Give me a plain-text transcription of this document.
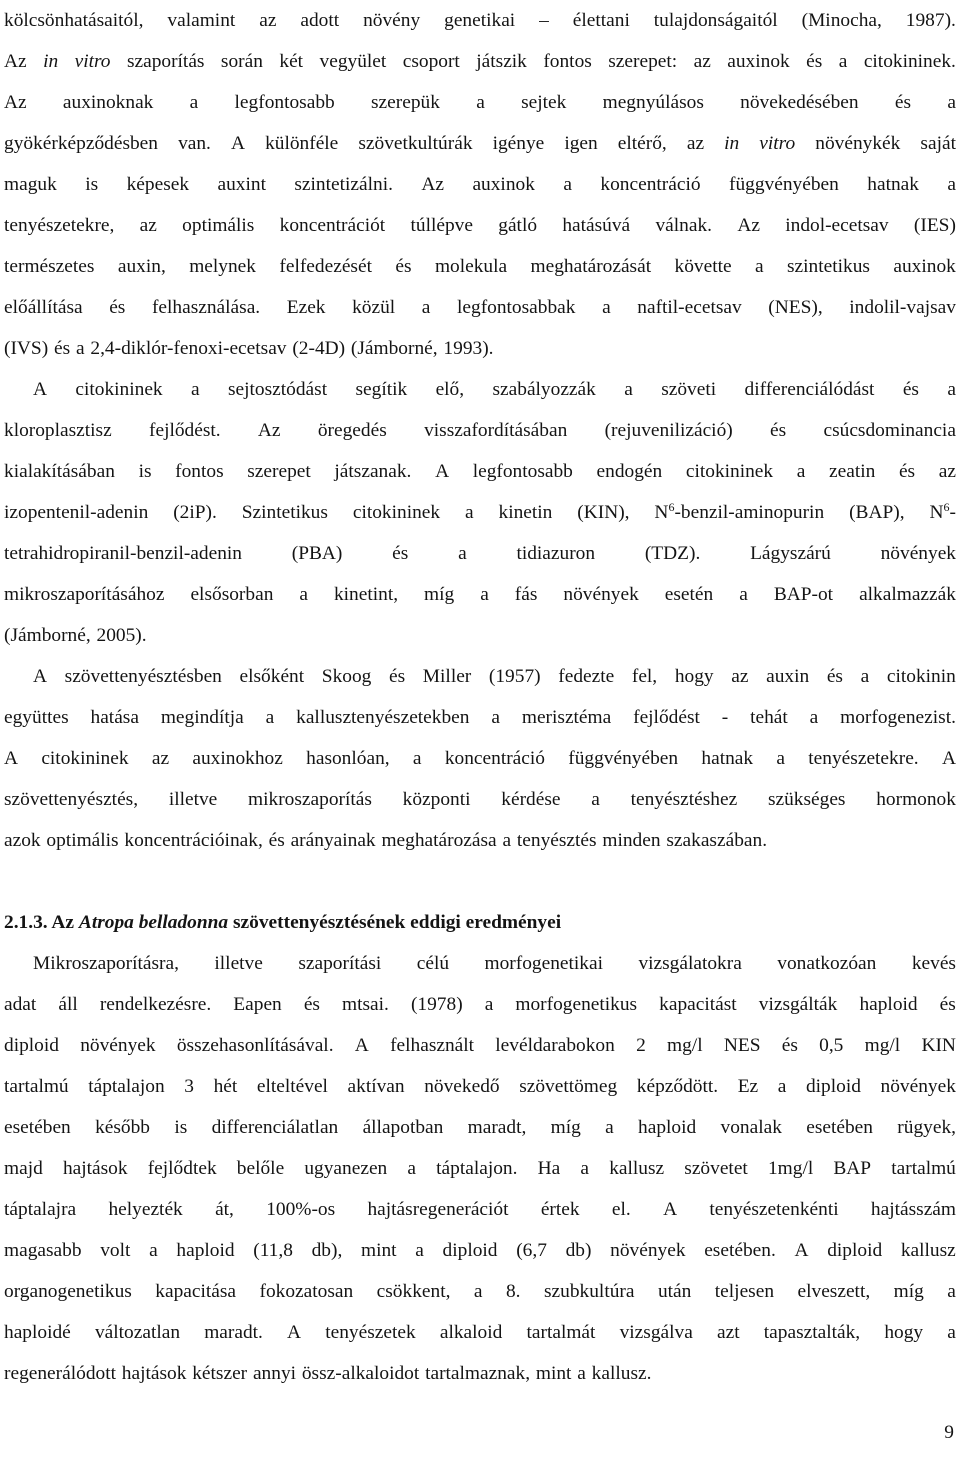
kölcsönhatásaitól, valamint az adott növény genetikai – élettani tulajdonságaitól (Minocha, 1987).
Az in vitro szaporítás során két vegyület csoport játszik fontos szerepet: az auxinok és a citokininek.
Az auxinoknak a legfontosabb szerepük a sejtek megnyúlásos növekedésében és a
gyökérképződésben van. A különféle szövetkultúrák igénye igen eltérő, az in vitro növénykék saját
maguk is képesek auxint szintetizálni. Az auxinok a koncentráció függvényében hatnak a
tenyészetekre, az optimális koncentrációt túllépve gátló hatásúvá válnak. Az indol-ecetsav (IES)
természetes auxin, melynek felfedezését és molekula meghatározását követte a szintetikus auxinok
előállítása és felhasználása. Ezek közül a legfontosabbak a naftil-ecetsav (NES), indolil-vajsav
(IVS) és a 2,4-diklór-fenoxi-ecetsav (2-4D) (Jámborné, 1993).
A citokininek a sejtosztódást segítik elő, szabályozzák a szöveti differenciálódást és a
kloroplasztisz fejlődést. Az öregedés visszafordításában (rejuvenilizáció) és csúcsdominancia
kialakításában is fontos szerepet játszanak. A legfontosabb endogén citokininek a zeatin és az
izopentenil-adenin (2iP). Szintetikus citokininek a kinetin (KIN), $N^6-benzil$-aminopurin (BAP), $N^6-$
tetrahidropiranil-benzil-adenin	(PBA)	és	a	tidiazuron	(TDZ).	Lágyszárú	növények
mikroszaporításához elsősorban a kinetint, míg a fás növények esetén a BAP-ot alkalmazzák
(Jámborné, 2005).
A szövettenyésztésben elsőként Skoog és Miller (1957) fedezte fel, hogy az auxin és a citokinin
együttes hatása megindítja a kallusztenyészetekben a merisztéma fejlődést - tehát a morfogenezist.
A citokininek az auxinokhoz hasonlóan, a koncentráció függvényében hatnak a tenyészetekre. A
szövettenyésztés, illetve mikroszaporítás központi kérdése a tenyésztéshez szükséges hormonok
azok optimális koncentrációinak, és arányainak meghatározása a tenyésztés minden szakaszában.
2.1.3. Az Atropa belladonna szövettenyésztésének eddigi eredményei
Mikroszaporításra, illetve szaporítási célú morfogenetikai vizsgálatokra vonatkozóan kevés
adat áll rendelkezésre. Eapen és mtsai. (1978) a morfogenetikus kapacitást vizsgálták haploid és
diploid növények összehasonlításával. A felhasznált levéldarabokon 2 mg/l NES és 0,5 mg/l KIN
tartalmú táptalajon 3 hét elteltével aktívan növekedő szövettömeg képződött. Ez a diploid növények
esetében később is differenciálatlan állapotban maradt, míg a haploid vonalak esetében rügyek,
majd hajtások fejlődtek belőle ugyanezen a táptalajon. Ha a kallusz szövetet 1mg/l BAP tartalmú
táptalajra helyezték át, 100%-os hajtásregenerációt értek el. A tenyészetenkénti hajtásszám
magasabb volt a haploid (11,8 db), mint a diploid (6,7 db) növények esetében. A diploid kallusz
organogenetikus kapacitása fokozatosan csökkent, a 8. szubkultúra után teljesen elveszett, míg a
haploidé változatlan maradt. A tenyészetek alkaloid tartalmát vizsgálva azt tapasztalták, hogy a
regenerálódott hajtások kétszer annyi össz-alkaloidot tartalmaznak, mint a kallusz.
9
